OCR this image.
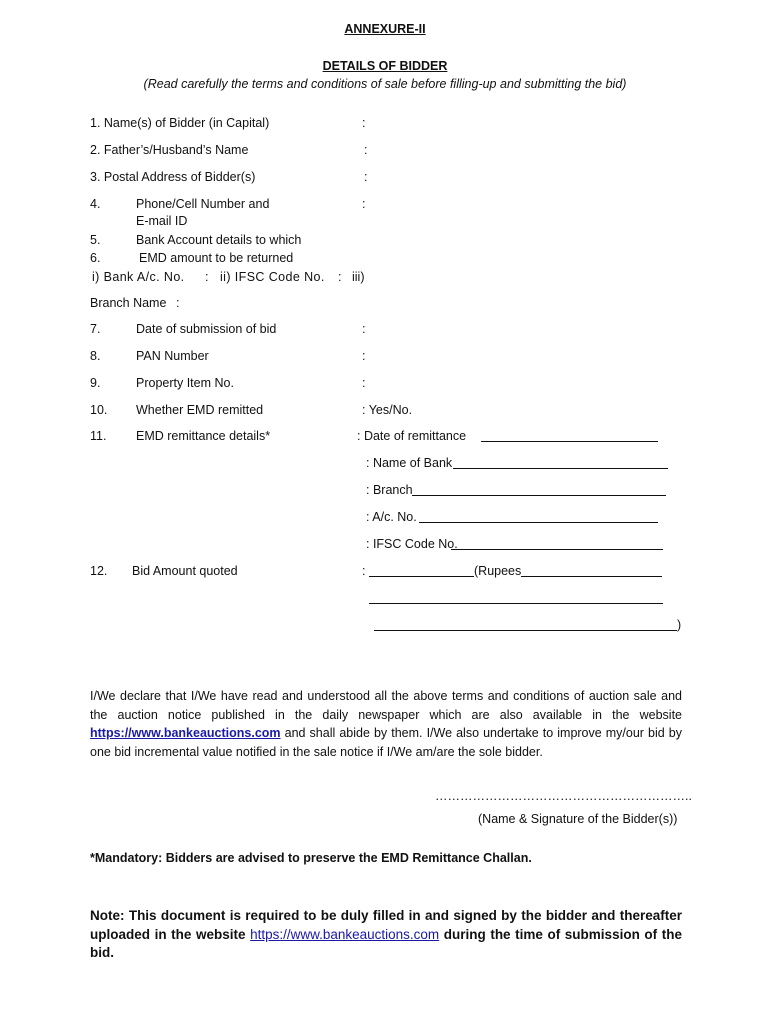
ANNEXURE-II
DETAILS OF BIDDER
(Read carefully the terms and conditions of sale before filling-up and submitting the bid)
1. Name(s) of Bidder (in Capital)	:
2. Father’s/Husband’s Name	:
3. Postal Address of Bidder(s)	:
4.	Phone/Cell Number and	:
E-mail ID
5.	Bank Account details to which
6.	EMD amount to be returned
i) Bank A/c. No. : ii) IFSC Code No. : iii)
Branch Name :
7.	Date of submission of bid	:
8.	PAN Number	:
9.	Property Item No.	:
10. Whether EMD remitted	: Yes/No.
11. EMD remittance details*	: Date of remittance
: Name of Bank
: Branch
: A/c. No.
: IFSC Code No.
12. Bid Amount quoted	:	(Rupees
)
I/We declare that I/We have read and understood all the above terms and conditions of auction sale and the auction notice published in the daily newspaper which are also available in the website https://www.bankeauctions.com and shall abide by them. I/We also undertake to improve my/our bid by one bid incremental value notified in the sale notice if I/We am/are the sole bidder.
……………………………………………………..
(Name & Signature of the Bidder(s))
*Mandatory: Bidders are advised to preserve the EMD Remittance Challan.
Note: This document is required to be duly filled in and signed by the bidder and thereafter uploaded in the website https://www.bankeauctions.com during the time of submission of the bid.
